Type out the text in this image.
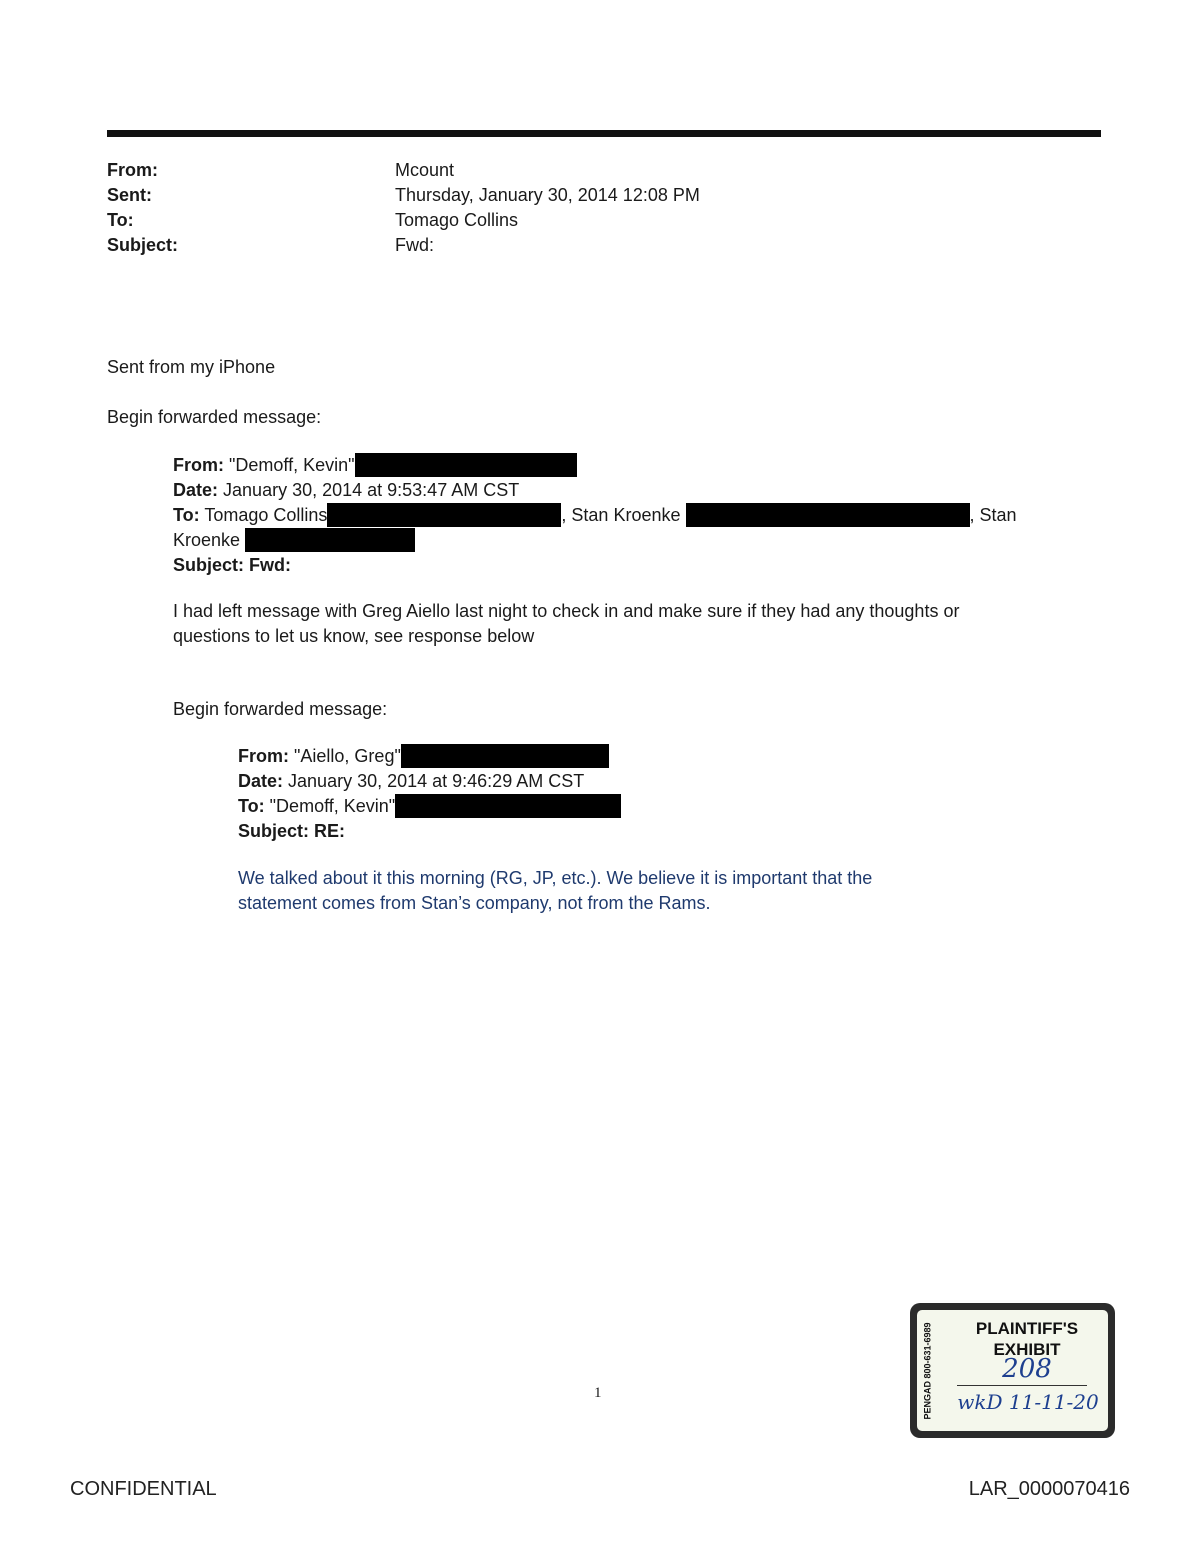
From:	Mcount
Sent:	Thursday, January 30, 2014 12:08 PM
To:	Tomago Collins
Subject:	Fwd:
Sent from my iPhone
Begin forwarded message:
From: "Demoff, Kevin"
Date: January 30, 2014 at 9:53:47 AM CST
To: Tomago Collins	, Stan Kroenke	, Stan
Kroenke
Subject: Fwd:
I had left message with Greg Aiello last night to check in and make sure if they had any thoughts or
questions to let us know, see response below
Begin forwarded message:
From: "Aiello, Greg"
Date: January 30, 2014 at 9:46:29 AM CST
To: "Demoff, Kevin"
Subject: RE:
We talked about it this morning (RG, JP, etc.). We believe it is important that the
statement comes from Stan’s company, not from the Rams.
PENGAD 800-631-6989	PLAINTIFF'S
EXHIBIT
208
wkD 11-11-20
1
CONFIDENTIAL	LAR_0000070416
